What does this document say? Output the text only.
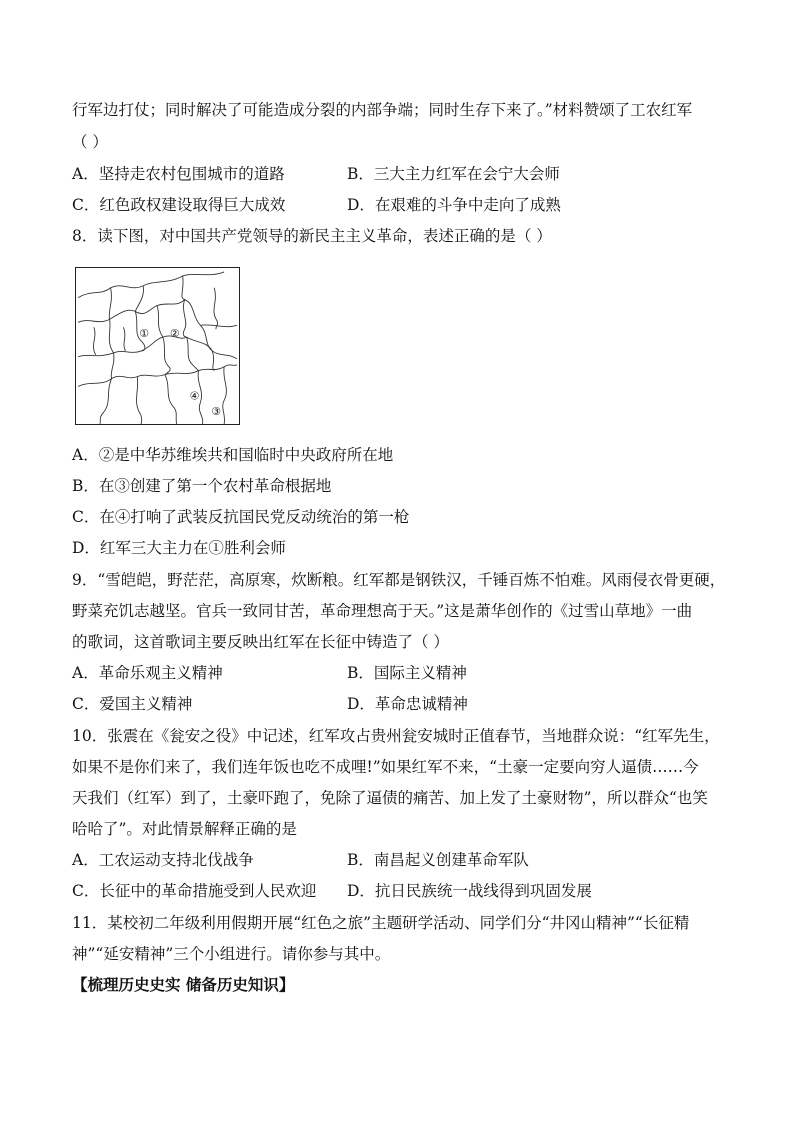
行军边打仗；同时解决了可能造成分裂的内部争端；同时生存下来了。”材料赞颂了工农红军
（ ）
A．坚持走农村包围城市的道路	B．三大主力红军在会宁大会师
C．红色政权建设取得巨大成效	D．在艰难的斗争中走向了成熟
8．读下图，对中国共产党领导的新民主主义革命，表述正确的是（ ）
① ②
③
④
A．②是中华苏维埃共和国临时中央政府所在地
B．在③创建了第一个农村革命根据地
C．在④打响了武装反抗国民党反动统治的第一枪
D．红军三大主力在①胜利会师
9．“雪皑皑，野茫茫，高原寒，炊断粮。红军都是钢铁汉，千锤百炼不怕难。风雨侵衣骨更硬，
野菜充饥志越坚。官兵一致同甘苦，革命理想高于天。”这是萧华创作的《过雪山草地》一曲
的歌词，这首歌词主要反映出红军在长征中铸造了（ ）
A．革命乐观主义精神	B．国际主义精神
C．爱国主义精神	D．革命忠诚精神
10．张震在《瓮安之役》中记述，红军攻占贵州瓮安城时正值春节，当地群众说：“红军先生，
如果不是你们来了，我们连年饭也吃不成哩!”如果红军不来，“土豪一定要向穷人逼债……今
天我们（红军）到了，土豪吓跑了，免除了逼债的痛苦、加上发了土豪财物”，所以群众“也笑
哈哈了”。对此情景解释正确的是
A．工农运动支持北伐战争	B．南昌起义创建革命军队
C．长征中的革命措施受到人民欢迎 D．抗日民族统一战线得到巩固发展
11．某校初二年级利用假期开展“红色之旅”主题研学活动、同学们分“井冈山精神”“长征精
神”“延安精神”三个小组进行。请你参与其中。
【梳理历史史实 储备历史知识】
